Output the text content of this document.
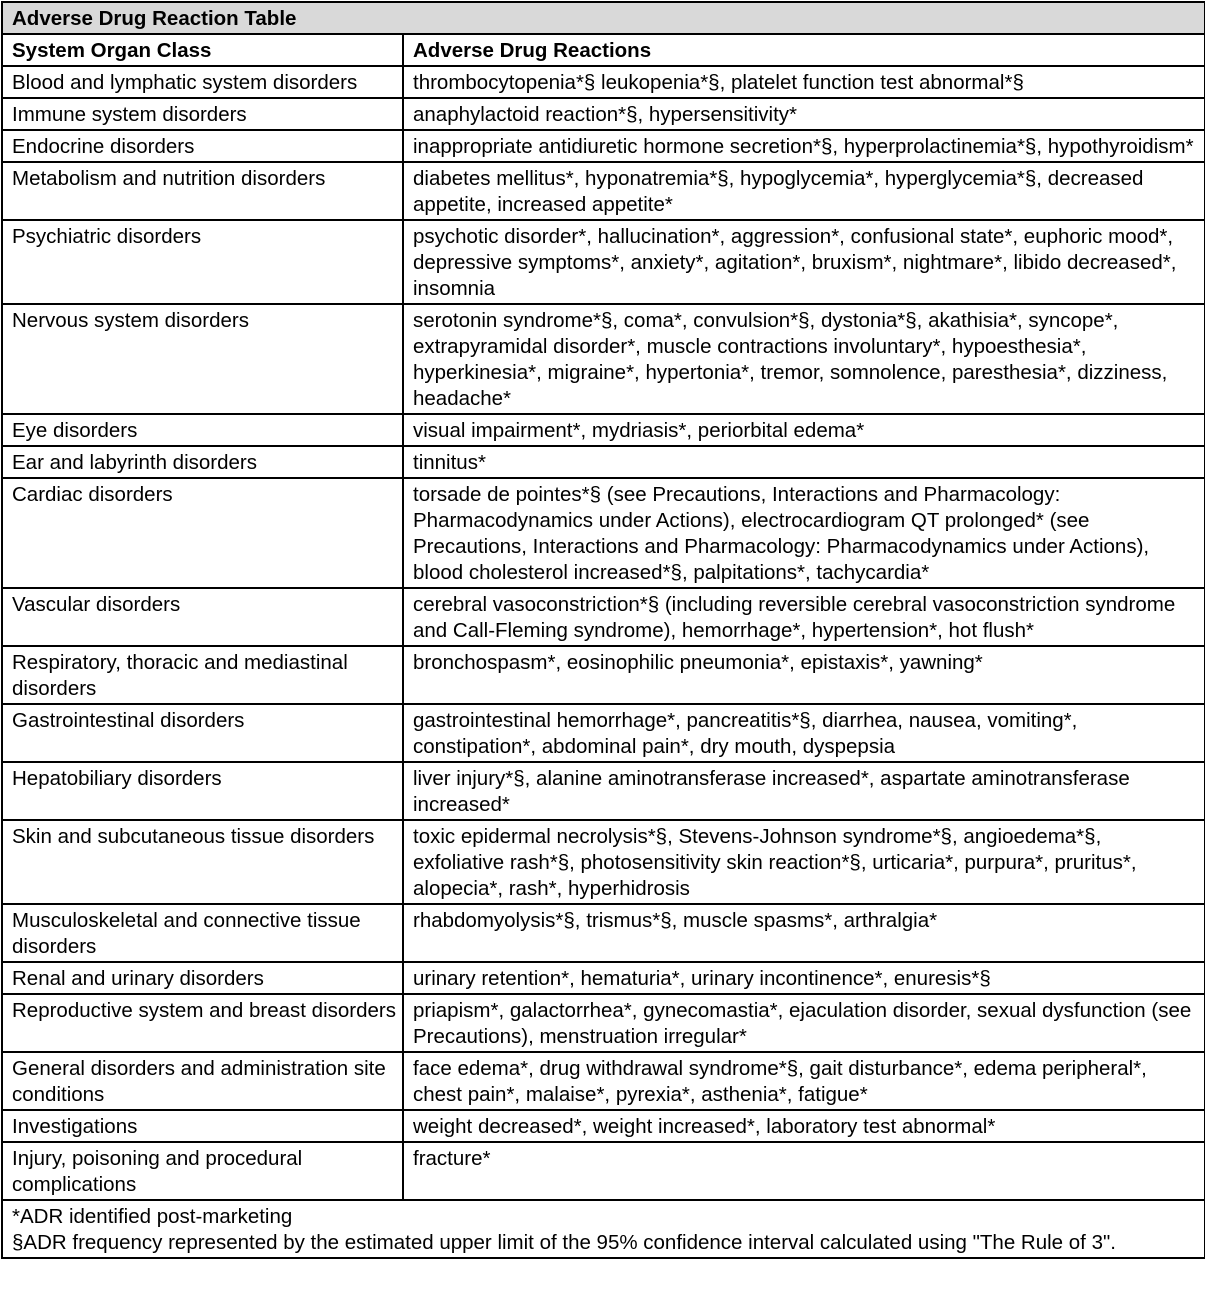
Adverse Drug Reaction Table	
System Organ Class	Adverse Drug Reactions
Blood and lymphatic system disorders	thrombocytopenia*§ leukopenia*§, platelet function test abnormal*§
Immune system disorders	anaphylactoid reaction*§, hypersensitivity*
Endocrine disorders	inappropriate antidiuretic hormone secretion*§, hyperprolactinemia*§, hypothyroidism*
Metabolism and nutrition disorders	diabetes mellitus*, hyponatremia*§, hypoglycemia*, hyperglycemia*§, decreased appetite, increased appetite*
Psychiatric disorders	psychotic disorder*, hallucination*, aggression*, confusional state*, euphoric mood*, depressive symptoms*, anxiety*, agitation*, bruxism*, nightmare*, libido decreased*, insomnia
Nervous system disorders	serotonin syndrome*§, coma*, convulsion*§, dystonia*§, akathisia*, syncope*, extrapyramidal disorder*, muscle contractions involuntary*, hypoesthesia*, hyperkinesia*, migraine*, hypertonia*, tremor, somnolence, paresthesia*, dizziness, headache*
Eye disorders	visual impairment*, mydriasis*, periorbital edema*
Ear and labyrinth disorders	tinnitus*
Cardiac disorders	torsade de pointes*§ (see Precautions, Interactions and Pharmacology: Pharmacodynamics under Actions), electrocardiogram QT prolonged* (see Precautions, Interactions and Pharmacology: Pharmacodynamics under Actions), blood cholesterol increased*§, palpitations*, tachycardia*
Vascular disorders	cerebral vasoconstriction*§ (including reversible cerebral vasoconstriction syndrome and Call-Fleming syndrome), hemorrhage*, hypertension*, hot flush*
Respiratory, thoracic and mediastinal disorders	bronchospasm*, eosinophilic pneumonia*, epistaxis*, yawning*
Gastrointestinal disorders	gastrointestinal hemorrhage*, pancreatitis*§, diarrhea, nausea, vomiting*, constipation*, abdominal pain*, dry mouth, dyspepsia
Hepatobiliary disorders	liver injury*§, alanine aminotransferase increased*, aspartate aminotransferase increased*
Skin and subcutaneous tissue disorders	toxic epidermal necrolysis*§, Stevens-Johnson syndrome*§, angioedema*§, exfoliative rash*§, photosensitivity skin reaction*§, urticaria*, purpura*, pruritus*, alopecia*, rash*, hyperhidrosis
Musculoskeletal and connective tissue disorders	rhabdomyolysis*§, trismus*§, muscle spasms*, arthralgia*
Renal and urinary disorders	urinary retention*, hematuria*, urinary incontinence*, enuresis*§
Reproductive system and breast disorders	priapism*, galactorrhea*, gynecomastia*, ejaculation disorder, sexual dysfunction (see Precautions), menstruation irregular*
General disorders and administration site conditions	face edema*, drug withdrawal syndrome*§, gait disturbance*, edema peripheral*, chest pain*, malaise*, pyrexia*, asthenia*, fatigue*
Investigations	weight decreased*, weight increased*, laboratory test abnormal*
Injury, poisoning and procedural complications	fracture*

*ADR identified post-marketing
§ADR frequency represented by the estimated upper limit of the 95% confidence interval calculated using "The Rule of 3".	
